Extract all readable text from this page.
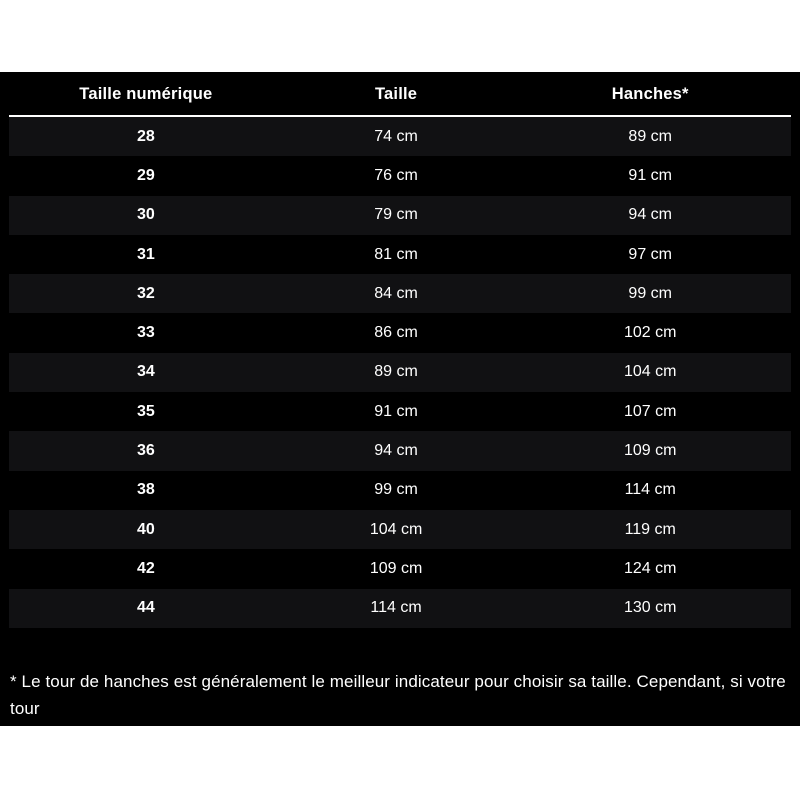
Taille numérique	Taille	Hanches*
28	74 cm	89 cm
29	76 cm	91 cm
30	79 cm	94 cm
31	81 cm	97 cm
32	84 cm	99 cm
33	86 cm	102 cm
34	89 cm	104 cm
35	91 cm	107 cm
36	94 cm	109 cm
38	99 cm	114 cm
40	104 cm	119 cm
42	109 cm	124 cm
44	114 cm	130 cm

* Le tour de hanches est généralement le meilleur indicateur pour choisir sa taille. Cependant, si votre tour
de taille est plus large, nous vous recommandons d’acheter la taille indiquée pour votre tour de taille.
